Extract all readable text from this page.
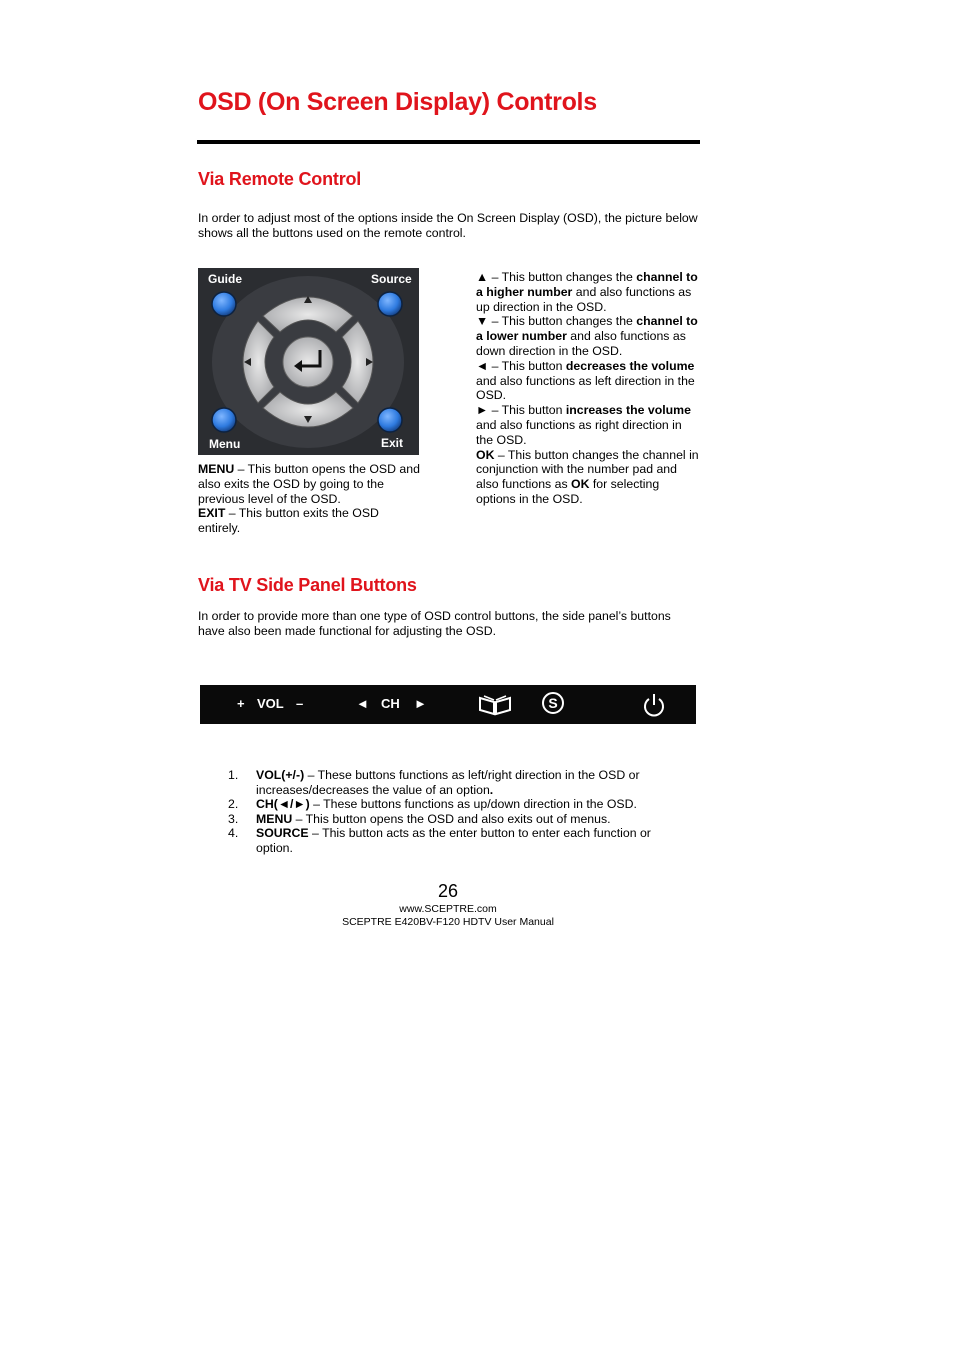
OSD (On Screen Display) Controls
Via Remote Control

In order to adjust most of the options inside the On Screen Display (OSD), the picture below shows all the buttons used on the remote control.

Guide	Source
Menu	Exit
MENU – This button opens the OSD and also exits the OSD by going to the previous level of the OSD.
EXIT – This button exits the OSD entirely.
▲ – This button changes the channel to a higher number and also functions as up direction in the OSD.
▼ – This button changes the channel to a lower number and also functions as down direction in the OSD.
◄ – This button decreases the volume and also functions as left direction in the OSD.
► – This button increases the volume and also functions as right direction in the OSD.
OK – This button changes the channel in conjunction with the number pad and also functions as OK for selecting options in the OSD.
Via TV Side Panel Buttons

In order to provide more than one type of OSD control buttons, the side panel’s buttons have also been made functional for adjusting the OSD.

+ VOL –	◄ CH ►	S
1. VOL(+/-) – These buttons functions as left/right direction in the OSD or increases/decreases the value of an option.
2. CH(◄/►) – These buttons functions as up/down direction in the OSD.
3. MENU – This button opens the OSD and also exits out of menus.
4. SOURCE – This button acts as the enter button to enter each function or option.
26
www.SCEPTRE.com
SCEPTRE E420BV-F120 HDTV User Manual
